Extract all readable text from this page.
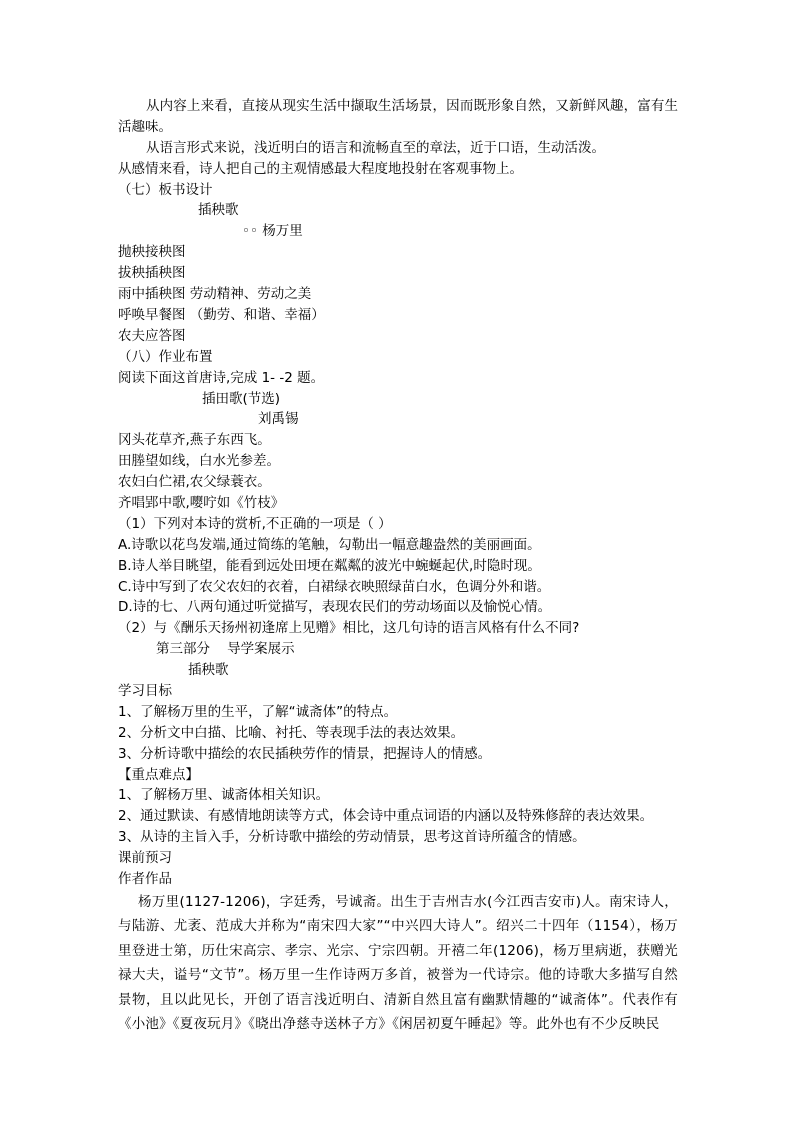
从内容上来看，直接从现实生活中撷取生活场景，因而既形象自然，又新鲜风趣，富有生活趣味。

从语言形式来说，浅近明白的语言和流畅直至的章法，近于口语，生动活泼。
从感情来看，诗人把自己的主观情感最大程度地投射在客观事物上。
（七）板书设计
插秧歌
◦◦ 杨万里
抛秧接秧图
拔秧插秧图
雨中插秧图 劳动精神、劳动之美
呼唤早餐图 （勤劳、和谐、幸福）
农夫应答图
（八）作业布置
阅读下面这首唐诗,完成 1- -2 题。
插田歌(节选)
刘禹锡
冈头花草齐,燕子东西飞。
田塍望如线，白水光参差。
农妇白伫裙,农父绿蓑衣。
齐唱郢中歌,嘤咛如《竹枝》
（1）下列对本诗的赏析,不正确的一项是（ ）
A.诗歌以花鸟发端,通过简练的笔触，勾勒出一幅意趣盎然的美丽画面。
B.诗人举目眺望，能看到远处田埂在粼粼的波光中蜿蜒起伏,时隐时现。
C.诗中写到了农父农妇的衣着，白裙绿衣映照绿苗白水，色调分外和谐。
D.诗的七、八两句通过听觉描写，表现农民们的劳动场面以及愉悦心情。
（2）与《酬乐天扬州初逢席上见赠》相比，这几句诗的语言风格有什么不同?
第三部分    导学案展示
插秧歌
学习目标
1、了解杨万里的生平，了解“诚斋体”的特点。
2、分析文中白描、比喻、衬托、等表现手法的表达效果。
3、分析诗歌中描绘的农民插秧劳作的情景，把握诗人的情感。
【重点难点】
1、了解杨万里、诚斋体相关知识。
2、通过默读、有感情地朗读等方式，体会诗中重点词语的内涵以及特殊修辞的表达效果。
3、从诗的主旨入手，分析诗歌中描绘的劳动情景，思考这首诗所蕴含的情感。
课前预习
作者作品

杨万里(1127-1206)，字廷秀，号诚斋。出生于吉州吉水(今江西吉安市)人。南宋诗人，与陆游、尤袤、范成大并称为“南宋四大家”“中兴四大诗人”。绍兴二十四年（1154），杨万里登进士第，历仕宋高宗、孝宗、光宗、宁宗四朝。开禧二年(1206)，杨万里病逝，获赠光禄大夫，谥号“文节”。杨万里一生作诗两万多首，被誉为一代诗宗。他的诗歌大多描写自然景物，且以此见长，开创了语言浅近明白、清新自然且富有幽默情趣的“诚斋体”。代表作有《小池》《夏夜玩月》《晓出净慈寺送林子方》《闲居初夏午睡起》等。此外也有不少反映民
